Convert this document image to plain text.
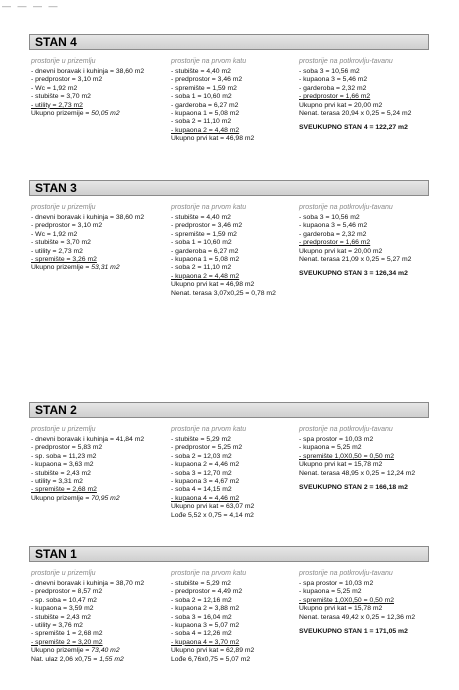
— — — —
STAN 4
prostorije u prizemlju
- dnevni boravak i kuhinja = 38,60 m2
- predprostor = 3,10 m2
- Wc = 1,92 m2
- stubište = 3,70 m2
- utility = 2,73 m2
Ukupno prizemije = 50,05 m2
prostorije na prvom katu
- stubište = 4,40 m2
- predprostor = 3,46 m2
- spremište = 1,59 m2
- soba 1 = 10,60 m2
- garderoba = 6,27 m2
- kupaona 1 = 5,08 m2
- soba 2 = 11,10 m2
- kupaona 2 = 4,48 m2
Ukupno prvi kat = 46,98 m2
prostorije na potkrovlju-tavanu
- soba 3 = 10,56 m2
- kupaona 3 = 5,46 m2
- garderoba = 2,32 m2
- predprostor = 1,66 m2
Ukupno prvi kat = 20,00 m2
Nenat. terasa 20,94 x 0,25 = 5,24 m2
SVEUKUPNO STAN 4 = 122,27 m2
STAN 3
prostorije u prizemlju
- dnevni boravak i kuhinja = 38,60 m2
- predprostor = 3,10 m2
- Wc = 1,92 m2
- stubište = 3,70 m2
- utility = 2,73 m2
- spremište = 3,26 m2
Ukupno prizemlje = 53,31 m2
prostorije na prvom katu
- stubište = 4,40 m2
- predprostor = 3,46 m2
- spremište = 1,59 m2
- soba 1 = 10,60 m2
- garderoba = 6,27 m2
- kupaona 1 = 5,08 m2
- soba 2 = 11,10 m2
- kupaona 2 = 4,48 m2
Ukupno prvi kat = 46,98 m2
Nenat. terasa 3,07x0,25 = 0,78 m2
prostorije na potkrovlju-tavanu
- soba 3 = 10,56 m2
- kupaona 3 = 5,46 m2
- garderoba = 2,32 m2
- predprostor = 1,66 m2
Ukupno prvi kat = 20,00 m2
Nenat. terasa 21,09 x 0,25 = 5,27 m2
SVEUKUPNO STAN 3 = 126,34 m2
STAN 2
prostorije u prizemlju
- dnevni boravak i kuhinja = 41,84 m2
- predprostor = 5,83 m2
- sp. soba = 11,23 m2
- kupaona = 3,63 m2
- stubište = 2,43 m2
- utility = 3,31 m2
- spremište = 2,68 m2
Ukupno prizemlje = 70,95 m2
prostorije na prvom katu
- stubište = 5,29 m2
- predprostor = 5,25 m2
- soba 2 = 12,03 m2
- kupaona 2 = 4,46 m2
- soba 3 = 12,70 m2
- kupaona 3 = 4,67 m2
- soba 4 = 14,15 m2
- kupaona 4 = 4,46 m2
Ukupno prvi kat = 63,07 m2
Lođe 5,52 x 0,75 = 4,14 m2
prostorije na potkrovlju-tavanu
- spa prostor = 10,03 m2
- kupaona = 5,25 m2
- spremište 1,0X0,50 = 0,50 m2
Ukupno prvi kat = 15,78 m2
Nenat. terasa 48,95 x 0,25 = 12,24 m2
SVEUKUPNO STAN 2 = 166,18 m2
STAN 1
prostorije u prizemlju
- dnevni boravak i kuhinja = 38,70 m2
- predprostor = 8,57 m2
- sp. soba = 10,47 m2
- kupaona = 3,59 m2
- stubište = 2,43 m2
- utility = 3,76 m2
- spremište 1 = 2,68 m2
- spremište 2 = 3,20 m2
Ukupno prizemlje = 73,40 m2
Nat. ulaz 2,06 x0,75 = 1,55 m2
prostorije na prvom katu
- stubište = 5,29 m2
- predprostor = 4,49 m2
- soba 2 = 12,16 m2
- kupaona 2 = 3,88 m2
- soba 3 = 16,04 m2
- kupaona 3 = 5,07 m2
- soba 4 = 12,26 m2
- kupaona 4 = 3,70 m2
Ukupno prvi kat = 62,89 m2
Lođe 6,76x0,75 = 5,07 m2
prostorije na potkrovlju-tavanu
- spa prostor = 10,03 m2
- kupaona = 5,25 m2
- spremište 1,0X0,50 = 0,50 m2
Ukupno prvi kat = 15,78 m2
Nenat. terasa 49,42 x 0,25 = 12,36 m2
SVEUKUPNO STAN 1 = 171,05 m2
